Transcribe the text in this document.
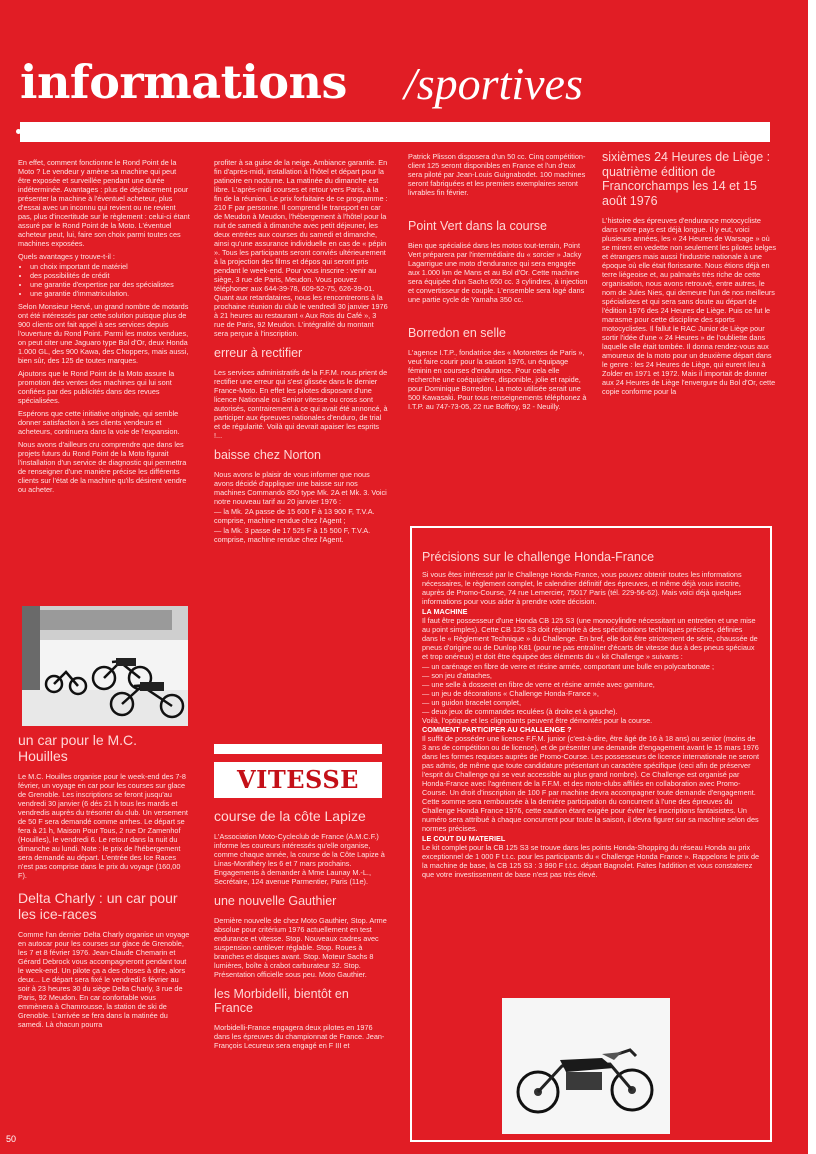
informations /sportives

En effet, comment fonctionne le Rond Point de la Moto ? Le vendeur y amène sa machine qui peut être exposée et surveillée pendant une durée indéterminée. Avantages : plus de déplacement pour présenter la machine à l'éventuel acheteur, plus d'essai avec un inconnu qui revient ou ne revient pas, plus d'incertitude sur le règlement : celui-ci étant assuré par le Rond Point de la Moto. L'éventuel acheteur peut, lui, faire son choix parmi toutes ces machines exposées.

Quels avantages y trouve-t-il :

• un choix important de matériel
• des possibilités de crédit
• une garantie d'expertise par des spécialistes
• une garantie d'immatriculation.

Selon Monsieur Hervé, un grand nombre de motards ont été intéressés par cette solution puisque plus de 900 clients ont fait appel à ses services depuis l'ouverture du Rond Point. Parmi les motos vendues, on peut citer une Jaguaro type Bol d'Or, deux Honda 1.000 GL, des 900 Kawa, des Choppers, mais aussi, bien sûr, des 125 de toutes marques.

Ajoutons que le Rond Point de la Moto assure la promotion des ventes des machines qui lui sont confiées par des publicités dans des revues spécialisées.

Espérons que cette initiative originale, qui semble donner satisfaction à ses clients vendeurs et acheteurs, continuera dans la voie de l'expansion.

Nous avons d'ailleurs cru comprendre que dans les projets futurs du Rond Point de la Moto figurait l'installation d'un service de diagnostic qui permettra de renseigner d'une manière précise les différents clients sur l'état de la machine qu'ils désirent vendre ou acheter.

un car pour le M.C. Houilles

Le M.C. Houilles organise pour le week-end des 7-8 février, un voyage en car pour les courses sur glace de Grenoble. Les inscriptions se feront jusqu'au vendredi 30 janvier (6 dés 21 h tous les mardis et vendredis auprès du trésorier du club. Un versement de 50 F sera demandé comme arrhes. Le départ se fera à 21 h, Maison Pour Tous, 2 rue Dr Zamenhof (Houilles), le vendredi 6. Le retour dans la nuit du dimanche au lundi. Note : le prix de l'hébergement sera demandé au départ. L'entrée des Ice Races n'est pas comprise dans le prix du voyage (160,00 F).

Delta Charly : un car pour les ice-races

Comme l'an dernier Delta Charly organise un voyage en autocar pour les courses sur glace de Grenoble, les 7 et 8 février 1976. Jean-Claude Chemarin et Gérard Debrock vous accompagneront pendant tout le week-end. Un pilote ça a des choses à dire, alors deux... Le départ sera fixé le vendredi 6 février au soir à 23 heures 30 du siège Delta Charly, 3 rue de Paris, 92 Meudon. En car confortable vous emmènera à Chamrousse, la station de ski de Grenoble. L'arrivée se fera dans la matinée du samedi. Là chacun pourra

profiter à sa guise de la neige. Ambiance garantie. En fin d'après-midi, installation à l'hôtel et départ pour la patinoire en nocturne. La matinée du dimanche est libre. L'après-midi courses et retour vers Paris, à la fin de la réunion. Le prix forfaitaire de ce programme : 210 F par personne. Il comprend le transport en car de Meudon à Meudon, l'hébergement à l'hôtel pour la nuit de samedi à dimanche avec petit déjeuner, les deux entrées aux courses du samedi et dimanche, ainsi qu'une assurance individuelle en cas de « pépin ». Tous les participants seront conviés ultérieurement à la projection des films et dépos qui seront pris pendant le week-end. Pour vous inscrire : venir au siège, 3 rue de Paris, Meudon. Vous pouvez téléphoner aux 644-39-78, 609-52-75, 626-39-01. Quant aux retardataires, nous les rencontrerons à la prochaine réunion du club le vendredi 30 janvier 1976 à 21 heures au restaurant « Aux Rois du Café », 3 rue de Paris, 92 Meudon. L'intégralité du montant sera perçue à l'inscription.

erreur à rectifier

Les services administratifs de la F.F.M. nous prient de rectifier une erreur qui s'est glissée dans le dernier France-Moto. En effet les pilotes disposant d'une licence Nationale ou Senior vitesse ou cross sont autorisés, contrairement à ce qui avait été annoncé, à participer aux épreuves nationales d'enduro, de trial et de régularité. Voilà qui devrait apaiser les esprits !...

baisse chez Norton

Nous avons le plaisir de vous informer que nous avons décidé d'appliquer une baisse sur nos machines Commando 850 type Mk. 2A et Mk. 3. Voici notre nouveau tarif au 20 janvier 1976 :

— la Mk. 2A passe de 15 600 F à 13 900 F, T.V.A. comprise, machine rendue chez l'Agent ;

— la Mk. 3 passe de 17 525 F à 15 500 F, T.V.A. comprise, machine rendue chez l'Agent.

VITESSE
course de la côte Lapize

L'Association Moto-Cycleclub de France (A.M.C.F.) informe les coureurs intéressés qu'elle organise, comme chaque année, la course de la Côte Lapize à Linas-Montlhéry les 6 et 7 mars prochains. Engagements à demander à Mme Launay M.-L., Secrétaire, 124 avenue Parmentier, Paris (11e).

une nouvelle Gauthier

Dernière nouvelle de chez Moto Gauthier, Stop. Arme absolue pour critérium 1976 actuellement en test endurance et vitesse. Stop. Nouveaux cadres avec suspension cantilever réglable. Stop. Roues à branches et disques avant. Stop. Moteur Sachs 8 lumières, boîte à crabot carburateur 32. Stop. Présentation officielle sous peu. Moto Gauthier.

les Morbidelli, bientôt en France

Morbidelli-France engagera deux pilotes en 1976 dans les épreuves du championnat de France. Jean-François Lecureux sera engagé en F III et

Patrick Plisson disposera d'un 50 cc. Cinq compétition-client 125 seront disponibles en France et l'un d'eux sera piloté par Jean-Louis Guignabodet. 100 machines seront fabriquées et les premiers exemplaires seront livrables fin février.

Point Vert dans la course

Bien que spécialisé dans les motos tout-terrain, Point Vert préparera par l'intermédiaire du « sorcier » Jacky Lagarrigue une moto d'endurance qui sera engagée aux 1.000 km de Mans et au Bol d'Or. Cette machine sera équipée d'un Sachs 650 cc. 3 cylindres, à injection et convertisseur de couple. L'ensemble sera logé dans une partie cycle de Yamaha 350 cc.

Borredon en selle

L'agence I.T.P., fondatrice des « Motorettes de Paris », veut faire courir pour la saison 1976, un équipage féminin en courses d'endurance. Pour cela elle recherche une coéquipière, disponible, jolie et rapide, pour Dominique Borredon. La moto utilisée serait une 500 Kawasaki. Pour tous renseignements téléphonez à I.T.P. au 747-73-05, 22 rue Boffroy, 92 - Neuilly.

sixièmes 24 Heures de Liège : quatrième édition de Francorchamps les 14 et 15 août 1976

L'histoire des épreuves d'endurance motocycliste dans notre pays est déjà longue. Il y eut, voici plusieurs années, les « 24 Heures de Warsage » où se mirent en vedette non seulement les pilotes belges et étrangers mais aussi l'industrie nationale à une époque où elle était florissante. Nous étions déjà en terre liégeoise et, au palmarès très riche de cette organisation, nous avons retrouvé, entre autres, le nom de Jules Nies, qui demeure l'un de nos meilleurs spécialistes et qui sera sans doute au départ de l'édition 1976 des 24 Heures de Liège. Puis ce fut le marasme pour cette discipline des sports motocyclistes. Il fallut le RAC Junior de Liège pour sortir l'idée d'une « 24 Heures » de l'oubliette dans laquelle elle était tombée. Il donna rendez-vous aux amoureux de la moto pour un deuxième départ dans le genre : les 24 Heures de Liège, qui eurent lieu à Zolder en 1971 et 1972. Mais il importait de donner aux 24 Heures de Liège l'envergure du Bol d'Or, cette copie conforme pour la

Précisions sur le challenge Honda-France

Si vous êtes intéressé par le Challenge Honda-France, vous pouvez obtenir toutes les informations nécessaires, le règlement complet, le calendrier définitif des épreuves, et même déjà vous inscrire, auprès de Promo-Course, 74 rue Lemercier, 75017 Paris (tél. 229-56-62). Mais voici déjà quelques informations pour vous aider à prendre votre décision.

LA MACHINE

Il faut être possesseur d'une Honda CB 125 S3 (une monocylindre nécessitant un entretien et une mise au point simples). Cette CB 125 S3 doit répondre à des spécifications techniques précises, définies dans le « Règlement Technique » du Challenge. En bref, elle doit être strictement de série, chaussée de pneus d'origine ou de Dunlop K81 (pour ne pas entraîner d'écarts de vitesse dus à des pneus spéciaux et trop onéreux) et doit être équipée des éléments du « kit Challenge » suivants :

— un carénage en fibre de verre et résine armée, comportant une bulle en polycarbonate ;

— son jeu d'attaches,

— une selle à dosseret en fibre de verre et résine armée avec garniture,

— un jeu de décorations « Challenge Honda-France »,

— un guidon bracelet complet,

— deux jeux de commandes reculées (à droite et à gauche).

Voilà, l'optique et les clignotants peuvent être démontés pour la course.

COMMENT PARTICIPER AU CHALLENGE ?

Il suffit de posséder une licence F.F.M. junior (c'est-à-dire, être âgé de 16 à 18 ans) ou senior (moins de 3 ans de compétition ou de licence), et de présenter une demande d'engagement avant le 15 mars 1976 dans les formes requises auprès de Promo-Course. Les possesseurs de licence internationale ne seront pas admis, de même que toute candidature présentant un caractère spécifique (ceci afin de préserver l'esprit du Challenge qui se veut accessible au plus grand nombre). Ce Challenge est organisé par Honda-France avec l'agrément de la F.F.M. et des moto-clubs affiliés en collaboration avec Promo-Course. Un droit d'inscription de 100 F par machine devra accompagner toute demande d'engagement. Cette somme sera remboursée à la dernière participation du concurrent à l'une des épreuves du Challenge Honda France 1976, cette caution étant exigée pour éviter les inscriptions fantaisistes. Un numéro sera attribué à chaque concurrent pour toute la saison, il devra figurer sur sa machine selon des normes précises.

LE COUT DU MATERIEL

Le kit complet pour la CB 125 S3 se trouve dans les points Honda-Shopping du réseau Honda au prix exceptionnel de 1 000 F t.t.c. pour les participants du « Challenge Honda France ». Rappelons le prix de la machine de base, la CB 125 S3 : 3 990 F t.t.c. départ Bagnolet. Faites l'addition et vous constaterez que votre investissement de base n'est pas très élevé.

50
